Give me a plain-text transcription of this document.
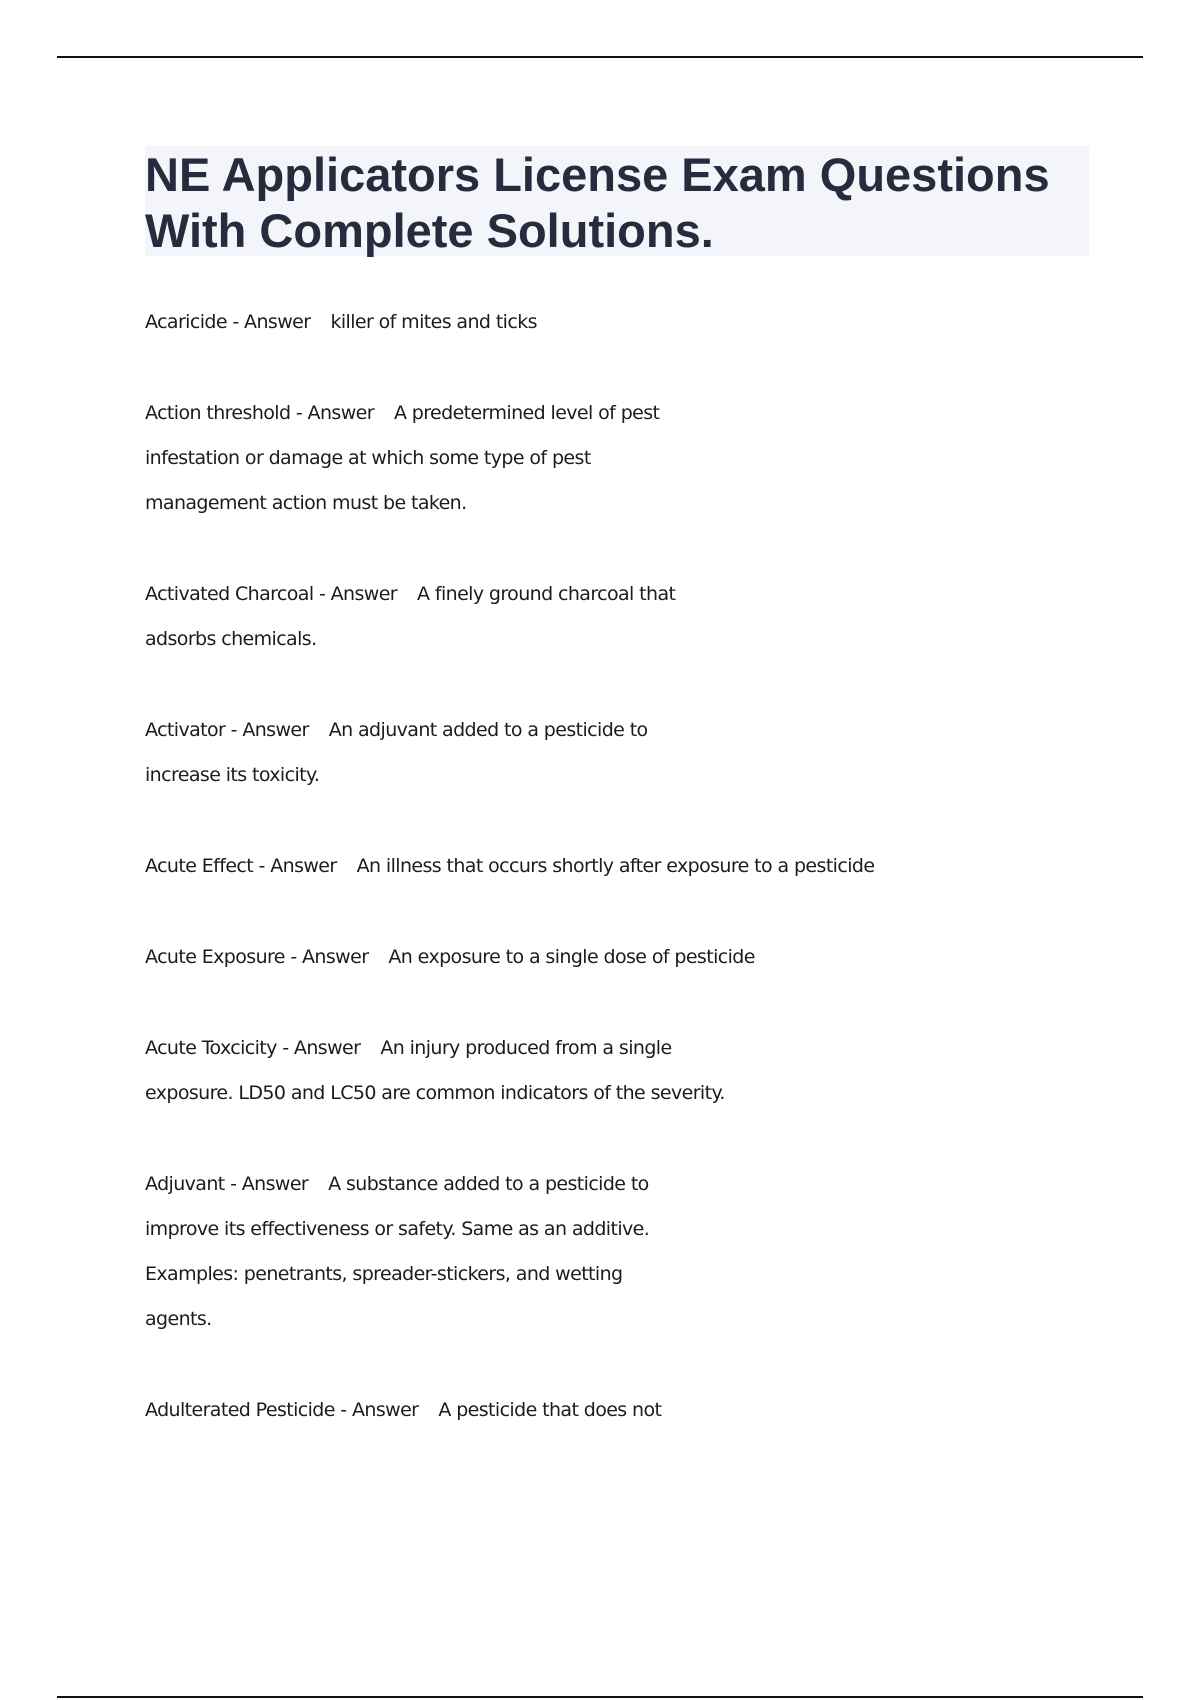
NE Applicators License Exam Questions
With Complete Solutions.
Acaricide - Answer killer of mites and ticks
Action threshold - Answer A predetermined level of pest
infestation or damage at which some type of pest
management action must be taken.
Activated Charcoal - Answer A finely ground charcoal that
adsorbs chemicals.
Activator - Answer An adjuvant added to a pesticide to
increase its toxicity.
Acute Effect - Answer An illness that occurs shortly after exposure to a pesticide
Acute Exposure - Answer An exposure to a single dose of pesticide
Acute Toxcicity - Answer An injury produced from a single
exposure. LD50 and LC50 are common indicators of the severity.
Adjuvant - Answer A substance added to a pesticide to
improve its effectiveness or safety. Same as an additive.
Examples: penetrants, spreader-stickers, and wetting
agents.
Adulterated Pesticide - Answer A pesticide that does not
